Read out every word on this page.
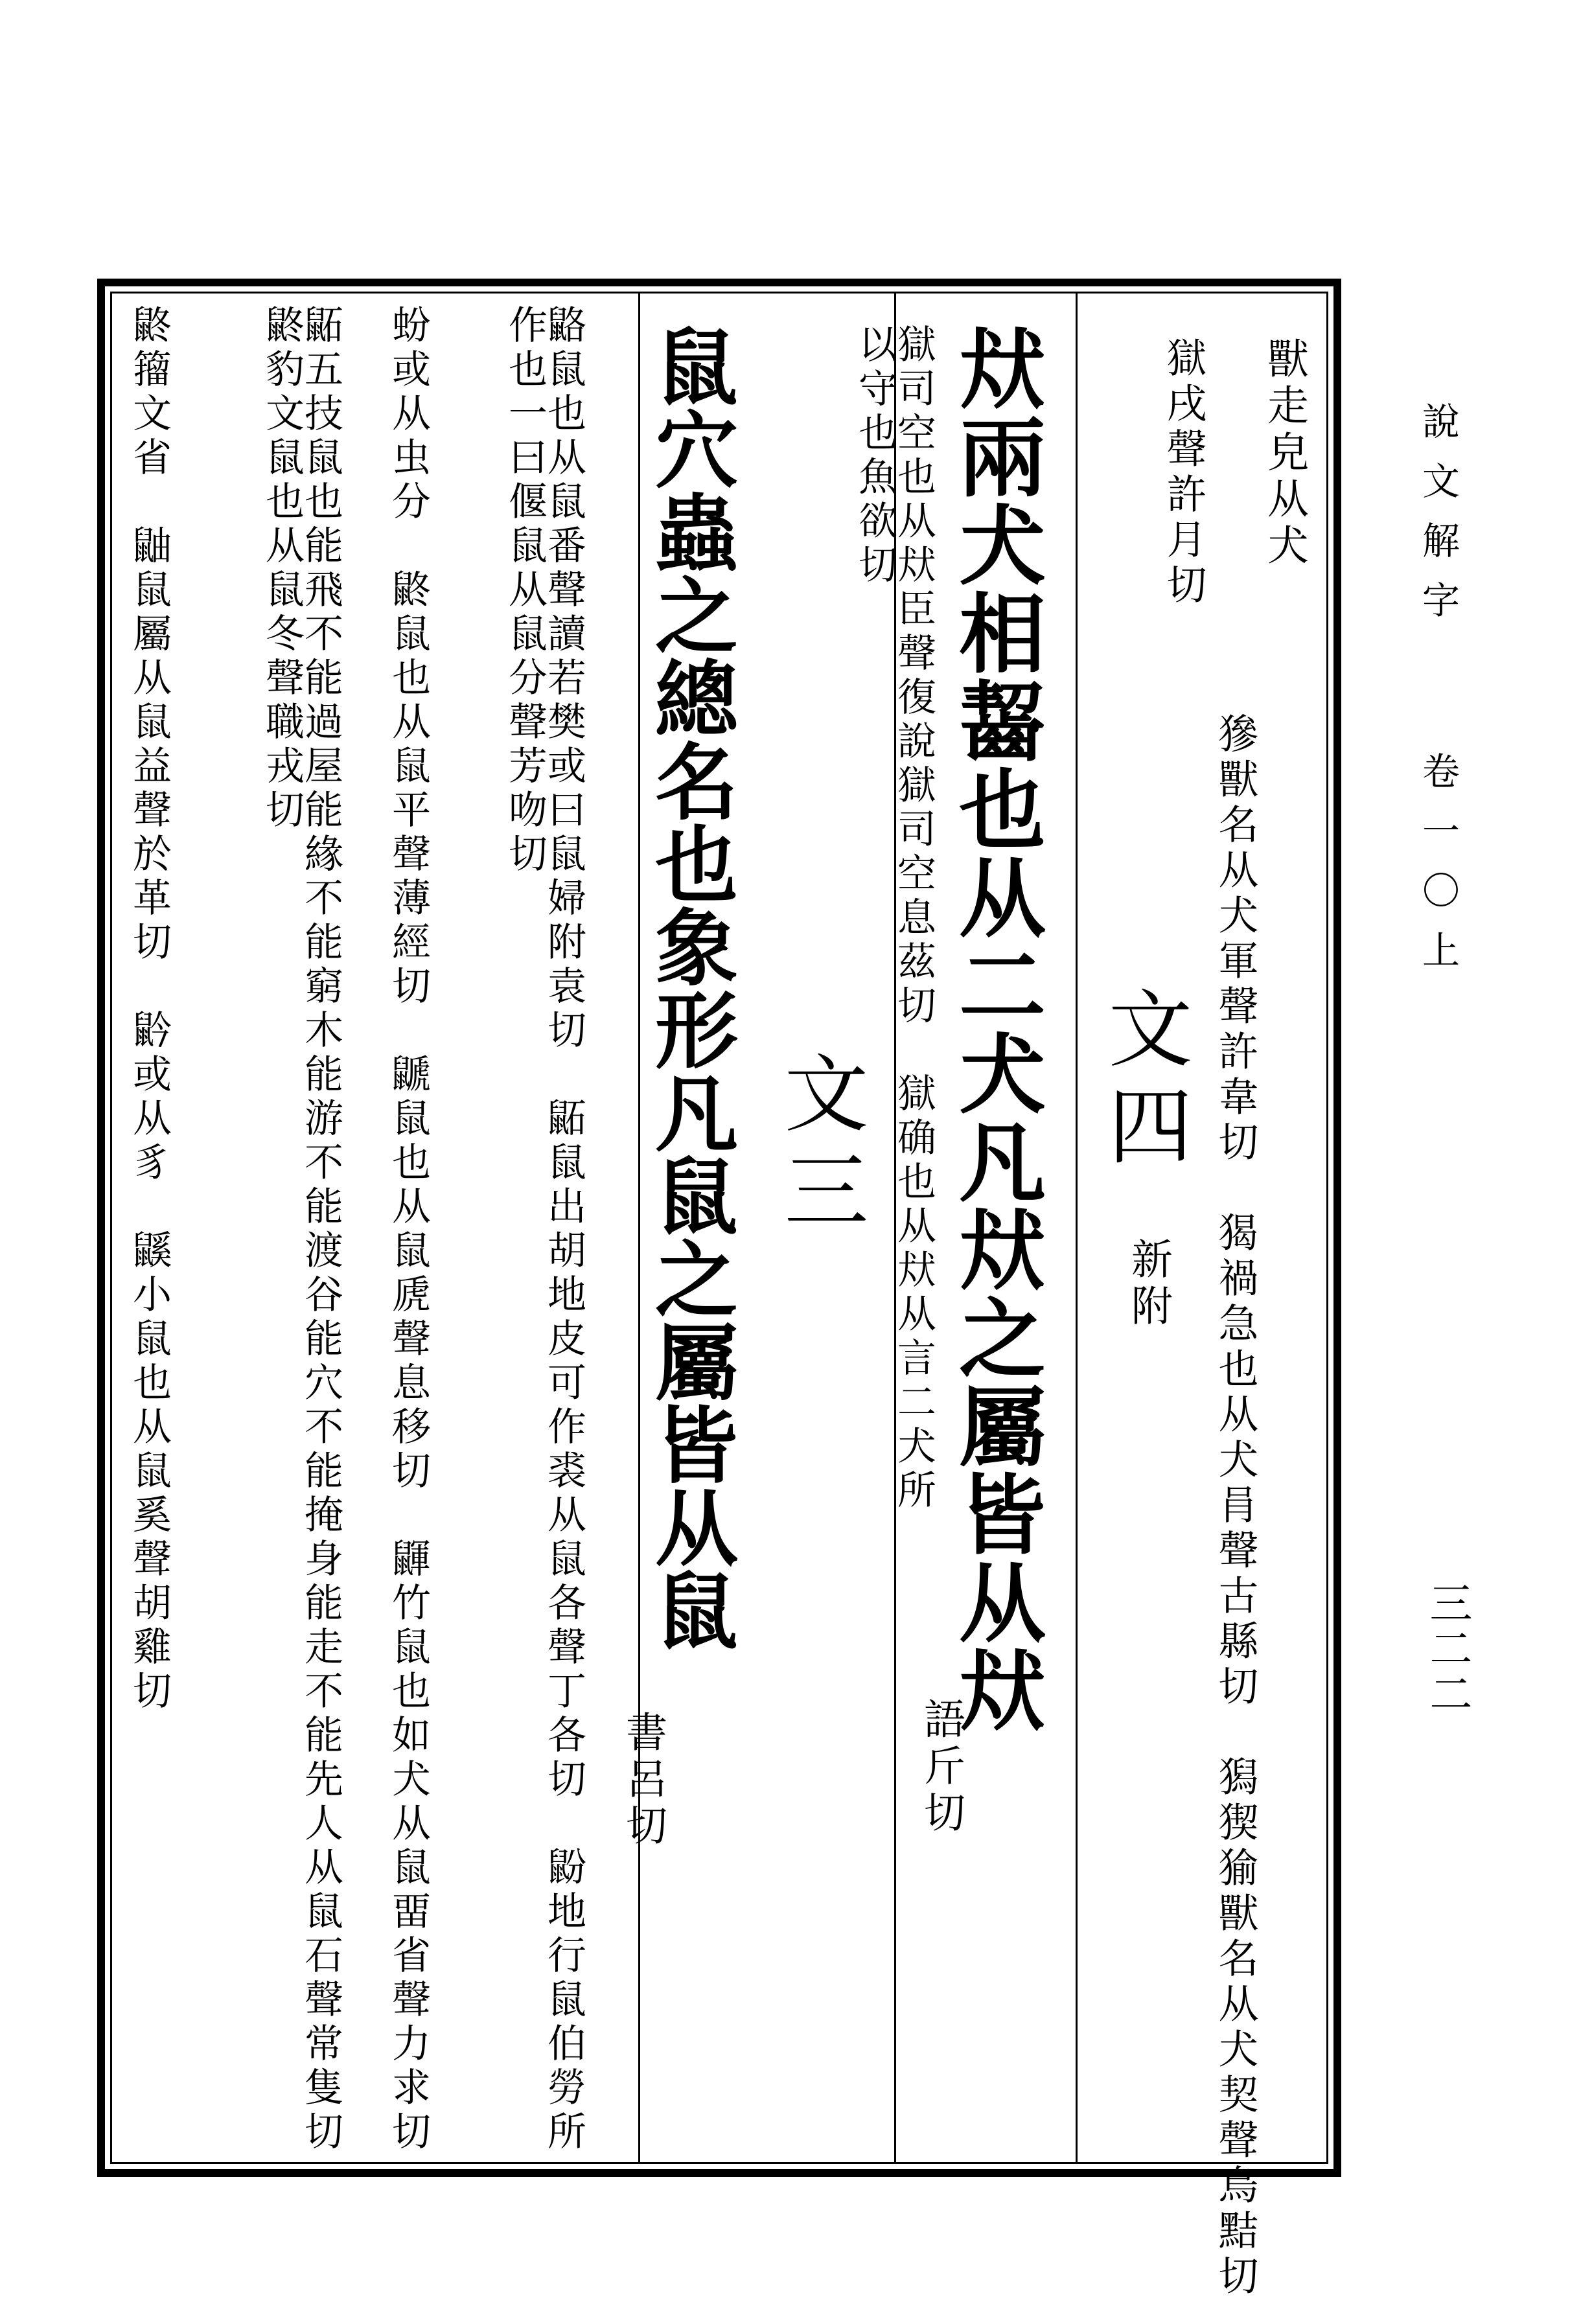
說文解字 卷一〇上
三二二
獸走皃从犬
㺑獸名从犬軍聲許韋切　猲禍急也从犬肙聲古縣切　獡猰㺄獸名从犬契聲烏黠切
獄戌聲許月切
文四
新附
㹜兩犬相齧也从二犬凡㹜之屬皆从㹜
語斤切
獄司空也从㹜臣聲復說獄司空息茲切　獄确也从㹜从言二犬所以守也魚欲切
文三
鼠穴蟲之總名也象形凡鼠之屬皆从鼠
書呂切
䶅鼠也从鼠番聲讀若樊或曰鼠婦附袁切　鼫鼠出胡地皮可作裘从鼠各聲丁各切　鼢地行鼠伯勞所作也一曰偃鼠从鼠分聲芳吻切
蚡或从虫分　鼨鼠也从鼠平聲薄經切　鼶鼠也从鼠虒聲息移切　鼲竹鼠也如犬从鼠畱省聲力求切
鼫五技鼠也能飛不能過屋能緣不能窮木能游不能渡谷能穴不能掩身能走不能先人从鼠石聲常隻切　鼨豹文鼠也从鼠冬聲職戎切
鼨籀文省　鼬鼠屬从鼠益聲於革切　䶃或从豸　鼷小鼠也从鼠奚聲胡雞切
